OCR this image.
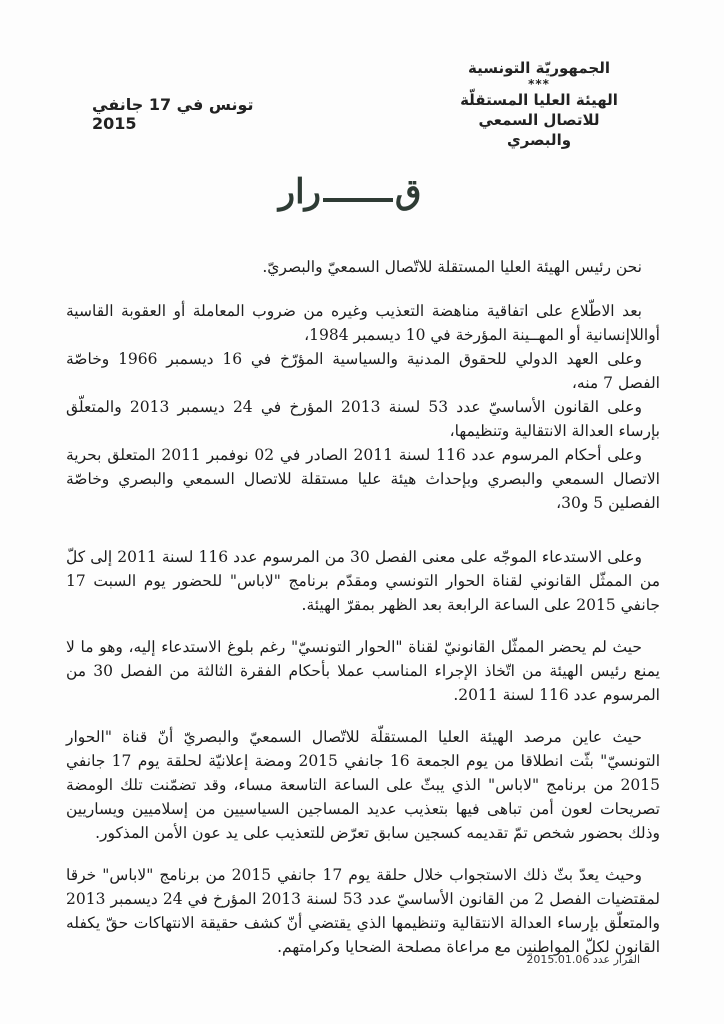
الجمهوريّة التونسية
***
الهيئة العليا المستقلّة
للاتصال السمعي والبصري
تونس في 17 جانفي 2015
قرار

نحن رئيس الهيئة العليا المستقلة للاتّصال السمعيّ والبصريّ.

بعد الاطّلاع على اتفاقية مناهضة التعذيب وغيره من ضروب المعاملة أو العقوبة القاسية أواللاإنسانية أو المهــينة المؤرخة في 10 ديسمبر 1984،

وعلى العهد الدولي للحقوق المدنية والسياسية المؤرّخ في 16 ديسمبر 1966 وخاصّة الفصل 7 منه،

وعلى القانون الأساسيّ عدد 53 لسنة 2013 المؤرخ في 24 ديسمبر 2013 والمتعلّق بإرساء العدالة الانتقالية وتنظيمها،

وعلى أحكام المرسوم عدد 116 لسنة 2011 الصادر في 02 نوفمبر 2011 المتعلق بحرية الاتصال السمعي والبصري وبإحداث هيئة عليا مستقلة للاتصال السمعي والبصري وخاصّة الفصلين 5 و30،

وعلى الاستدعاء الموجّه على معنى الفصل 30 من المرسوم عدد 116 لسنة 2011 إلى كلّ من الممثّل القانوني لقناة الحوار التونسي ومقدّم برنامج "لاباس" للحضور يوم السبت 17 جانفي 2015 على الساعة الرابعة بعد الظهر بمقرّ الهيئة.

حيث لم يحضر الممثّل القانونيّ لقناة "الحوار التونسيّ" رغم بلوغ الاستدعاء إليه، وهو ما لا يمنع رئيس الهيئة من اتّخاذ الإجراء المناسب عملا بأحكام الفقرة الثالثة من الفصل 30 من المرسوم عدد 116 لسنة 2011.

حيث عاين مرصد الهيئة العليا المستقلّة للاتّصال السمعيّ والبصريّ أنّ قناة "الحوار التونسيّ" بثّت انطلاقا من يوم الجمعة 16 جانفي 2015 ومضة إعلانيّة لحلقة يوم 17 جانفي 2015 من برنامج "لاباس" الذي يبثّ على الساعة التاسعة مساء، وقد تضمّنت تلك الومضة تصريحات لعون أمن تباهى فيها بتعذيب عديد المساجين السياسيين من إسلاميين ويساريين وذلك بحضور شخص تمّ تقديمه كسجين سابق تعرّض للتعذيب على يد عون الأمن المذكور.

وحيث يعدّ بثّ ذلك الاستجواب خلال حلقة يوم 17 جانفي 2015 من برنامج "لاباس" خرقا لمقتضيات الفصل 2 من القانون الأساسيّ عدد 53 لسنة 2013 المؤرخ في 24 ديسمبر 2013 والمتعلّق بإرساء العدالة الانتقالية وتنظيمها الذي يقتضي أنّ كشف حقيقة الانتهاكات حقّ يكفله القانون لكلّ المواطنين مع مراعاة مصلحة الضحايا وكرامتهم.

القرار عدد 2015.01.06
